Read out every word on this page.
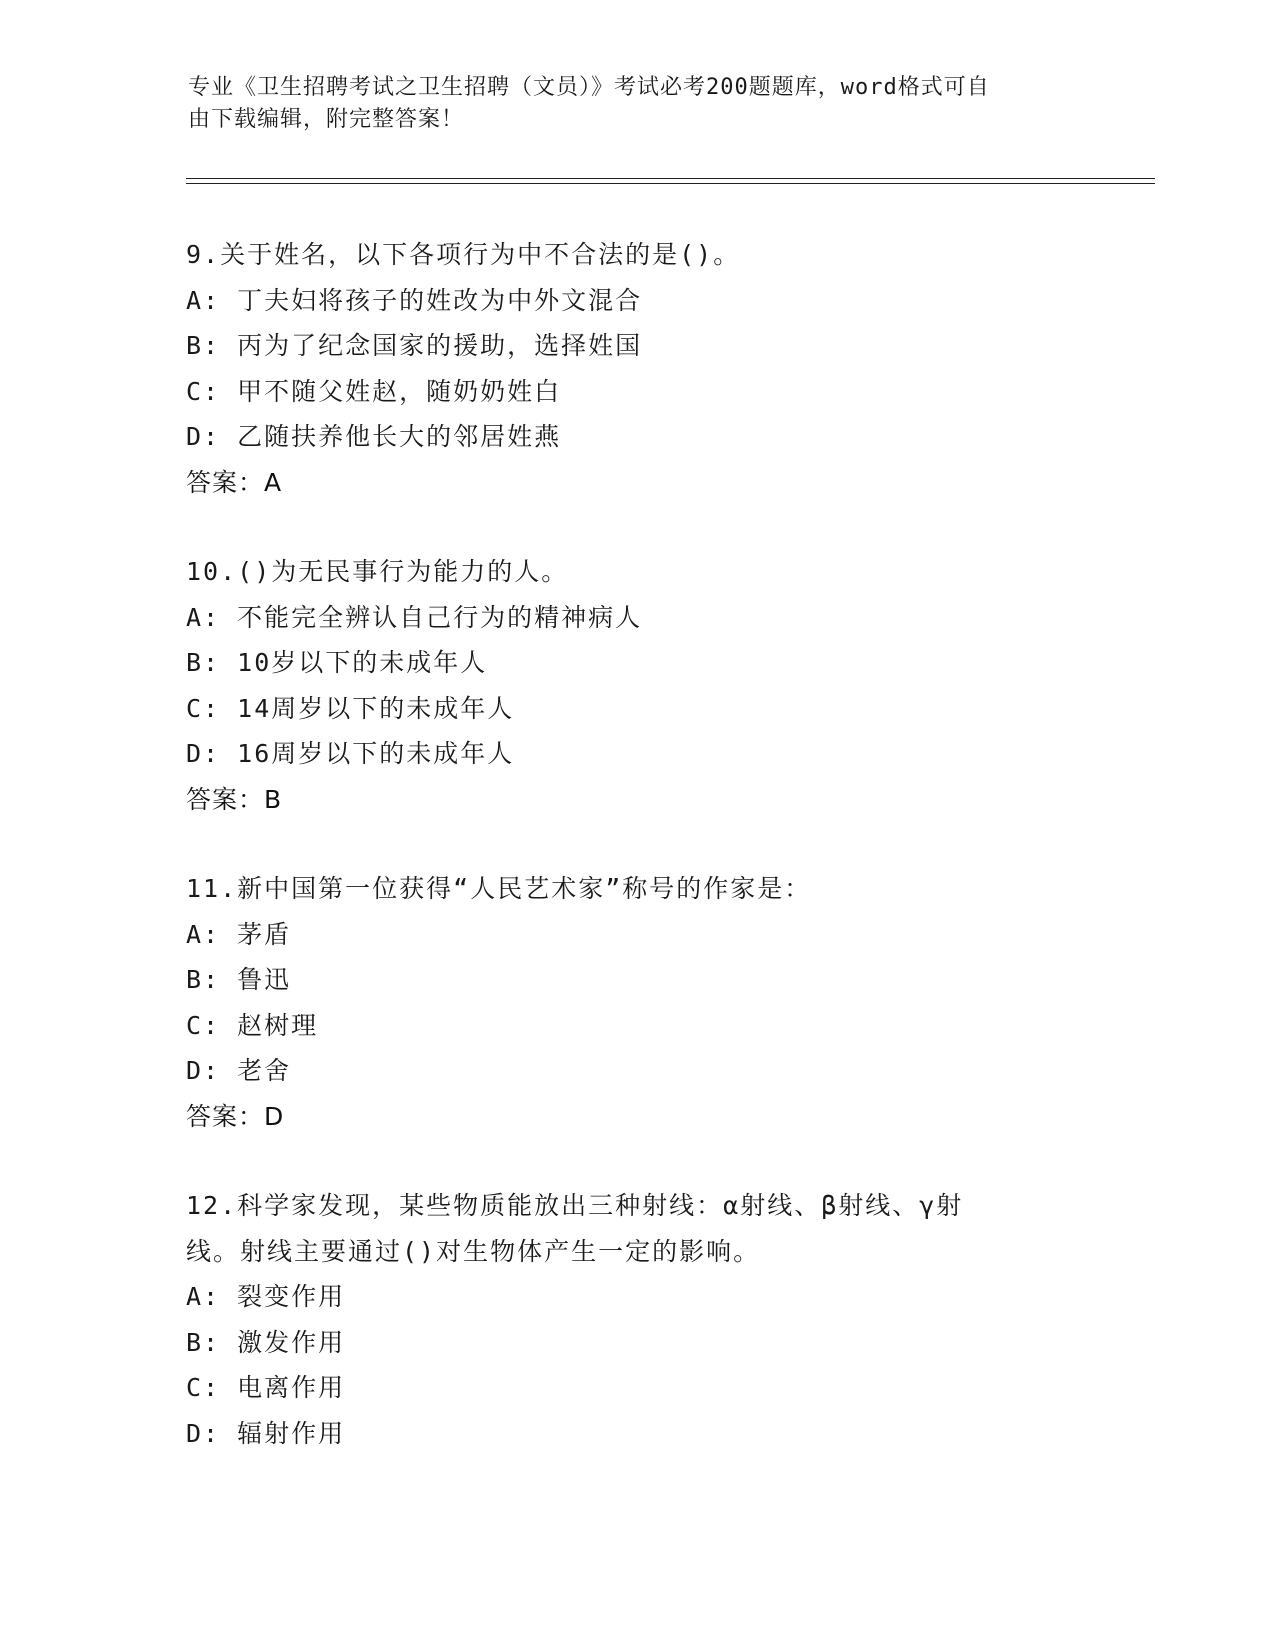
专业《卫生招聘考试之卫生招聘（文员）》考试必考200题题库，word格式可自
由下载编辑，附完整答案！
9.关于姓名，以下各项行为中不合法的是()。
A: 丁夫妇将孩子的姓改为中外文混合
B: 丙为了纪念国家的援助，选择姓国
C: 甲不随父姓赵，随奶奶姓白
D: 乙随扶养他长大的邻居姓燕
答案：A
10.()为无民事行为能力的人。
A: 不能完全辨认自己行为的精神病人
B: 10岁以下的未成年人
C: 14周岁以下的未成年人
D: 16周岁以下的未成年人
答案：B
11.新中国第一位获得“人民艺术家”称号的作家是：
A: 茅盾
B: 鲁迅
C: 赵树理
D: 老舍
答案：D
12.科学家发现，某些物质能放出三种射线：α射线、β射线、γ射
线。射线主要通过()对生物体产生一定的影响。
A: 裂变作用
B: 激发作用
C: 电离作用
D: 辐射作用
